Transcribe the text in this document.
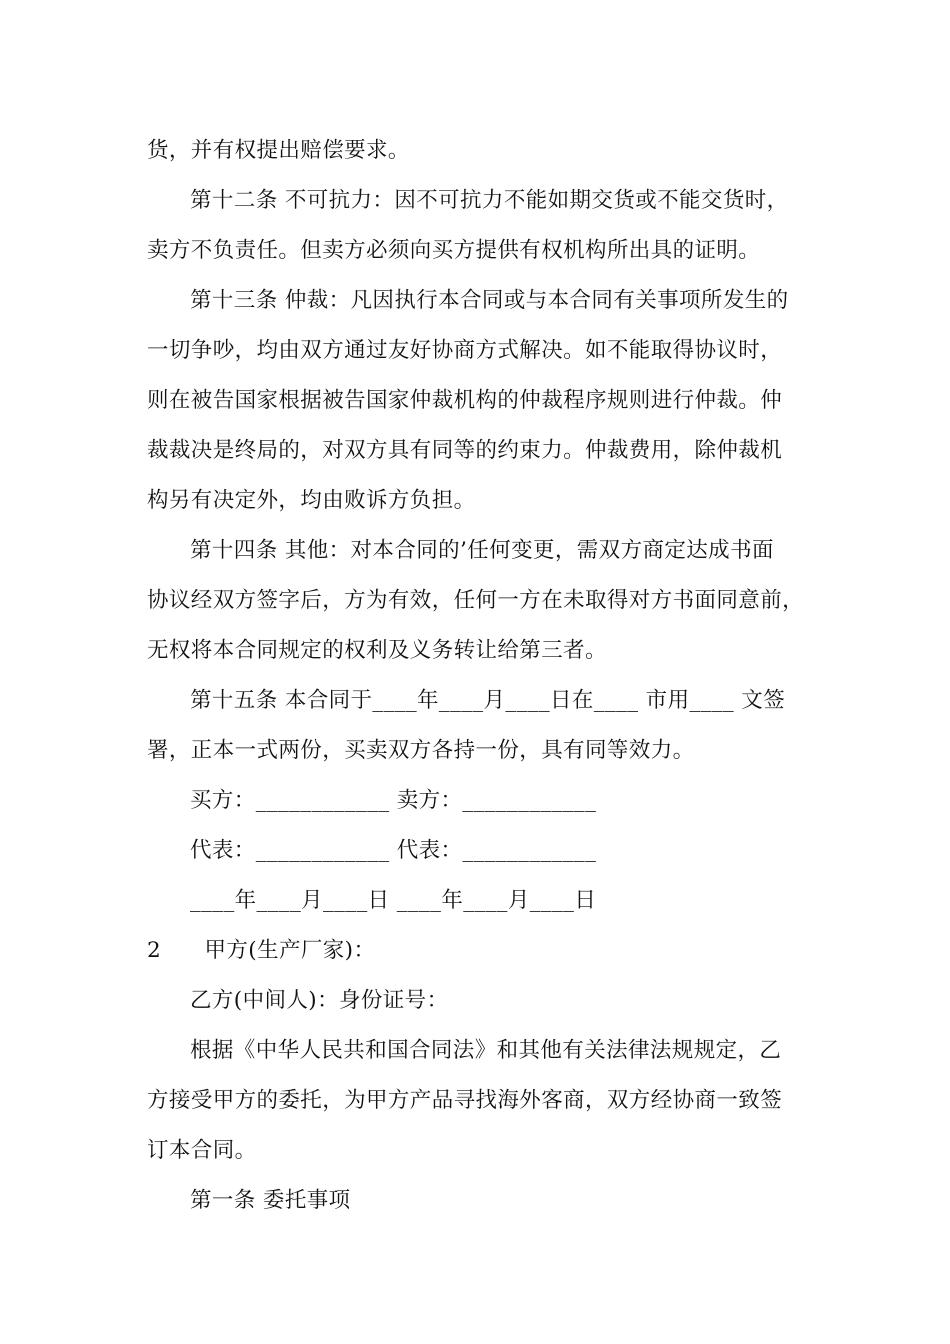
货，并有权提出赔偿要求。
第十二条 不可抗力：因不可抗力不能如期交货或不能交货时，
卖方不负责任。但卖方必须向买方提供有权机构所出具的证明。
第十三条 仲裁：凡因执行本合同或与本合同有关事项所发生的
一切争吵，均由双方通过友好协商方式解决。如不能取得协议时，
则在被告国家根据被告国家仲裁机构的仲裁程序规则进行仲裁。仲
裁裁决是终局的，对双方具有同等的约束力。仲裁费用，除仲裁机
构另有决定外，均由败诉方负担。
第十四条 其他：对本合同的’任何变更，需双方商定达成书面
协议经双方签字后，方为有效，任何一方在未取得对方书面同意前，
无权将本合同规定的权利及义务转让给第三者。
第十五条 本合同于____年____月____日在____ 市用____ 文签
署，正本一式两份，买卖双方各持一份，具有同等效力。
买方：____________ 卖方：____________
代表：____________ 代表：____________
____年____月____日 ____年____月____日
2      甲方(生产厂家)：
乙方(中间人)：身份证号：
根据《中华人民共和国合同法》和其他有关法律法规规定，乙
方接受甲方的委托，为甲方产品寻找海外客商，双方经协商一致签
订本合同。
第一条 委托事项
